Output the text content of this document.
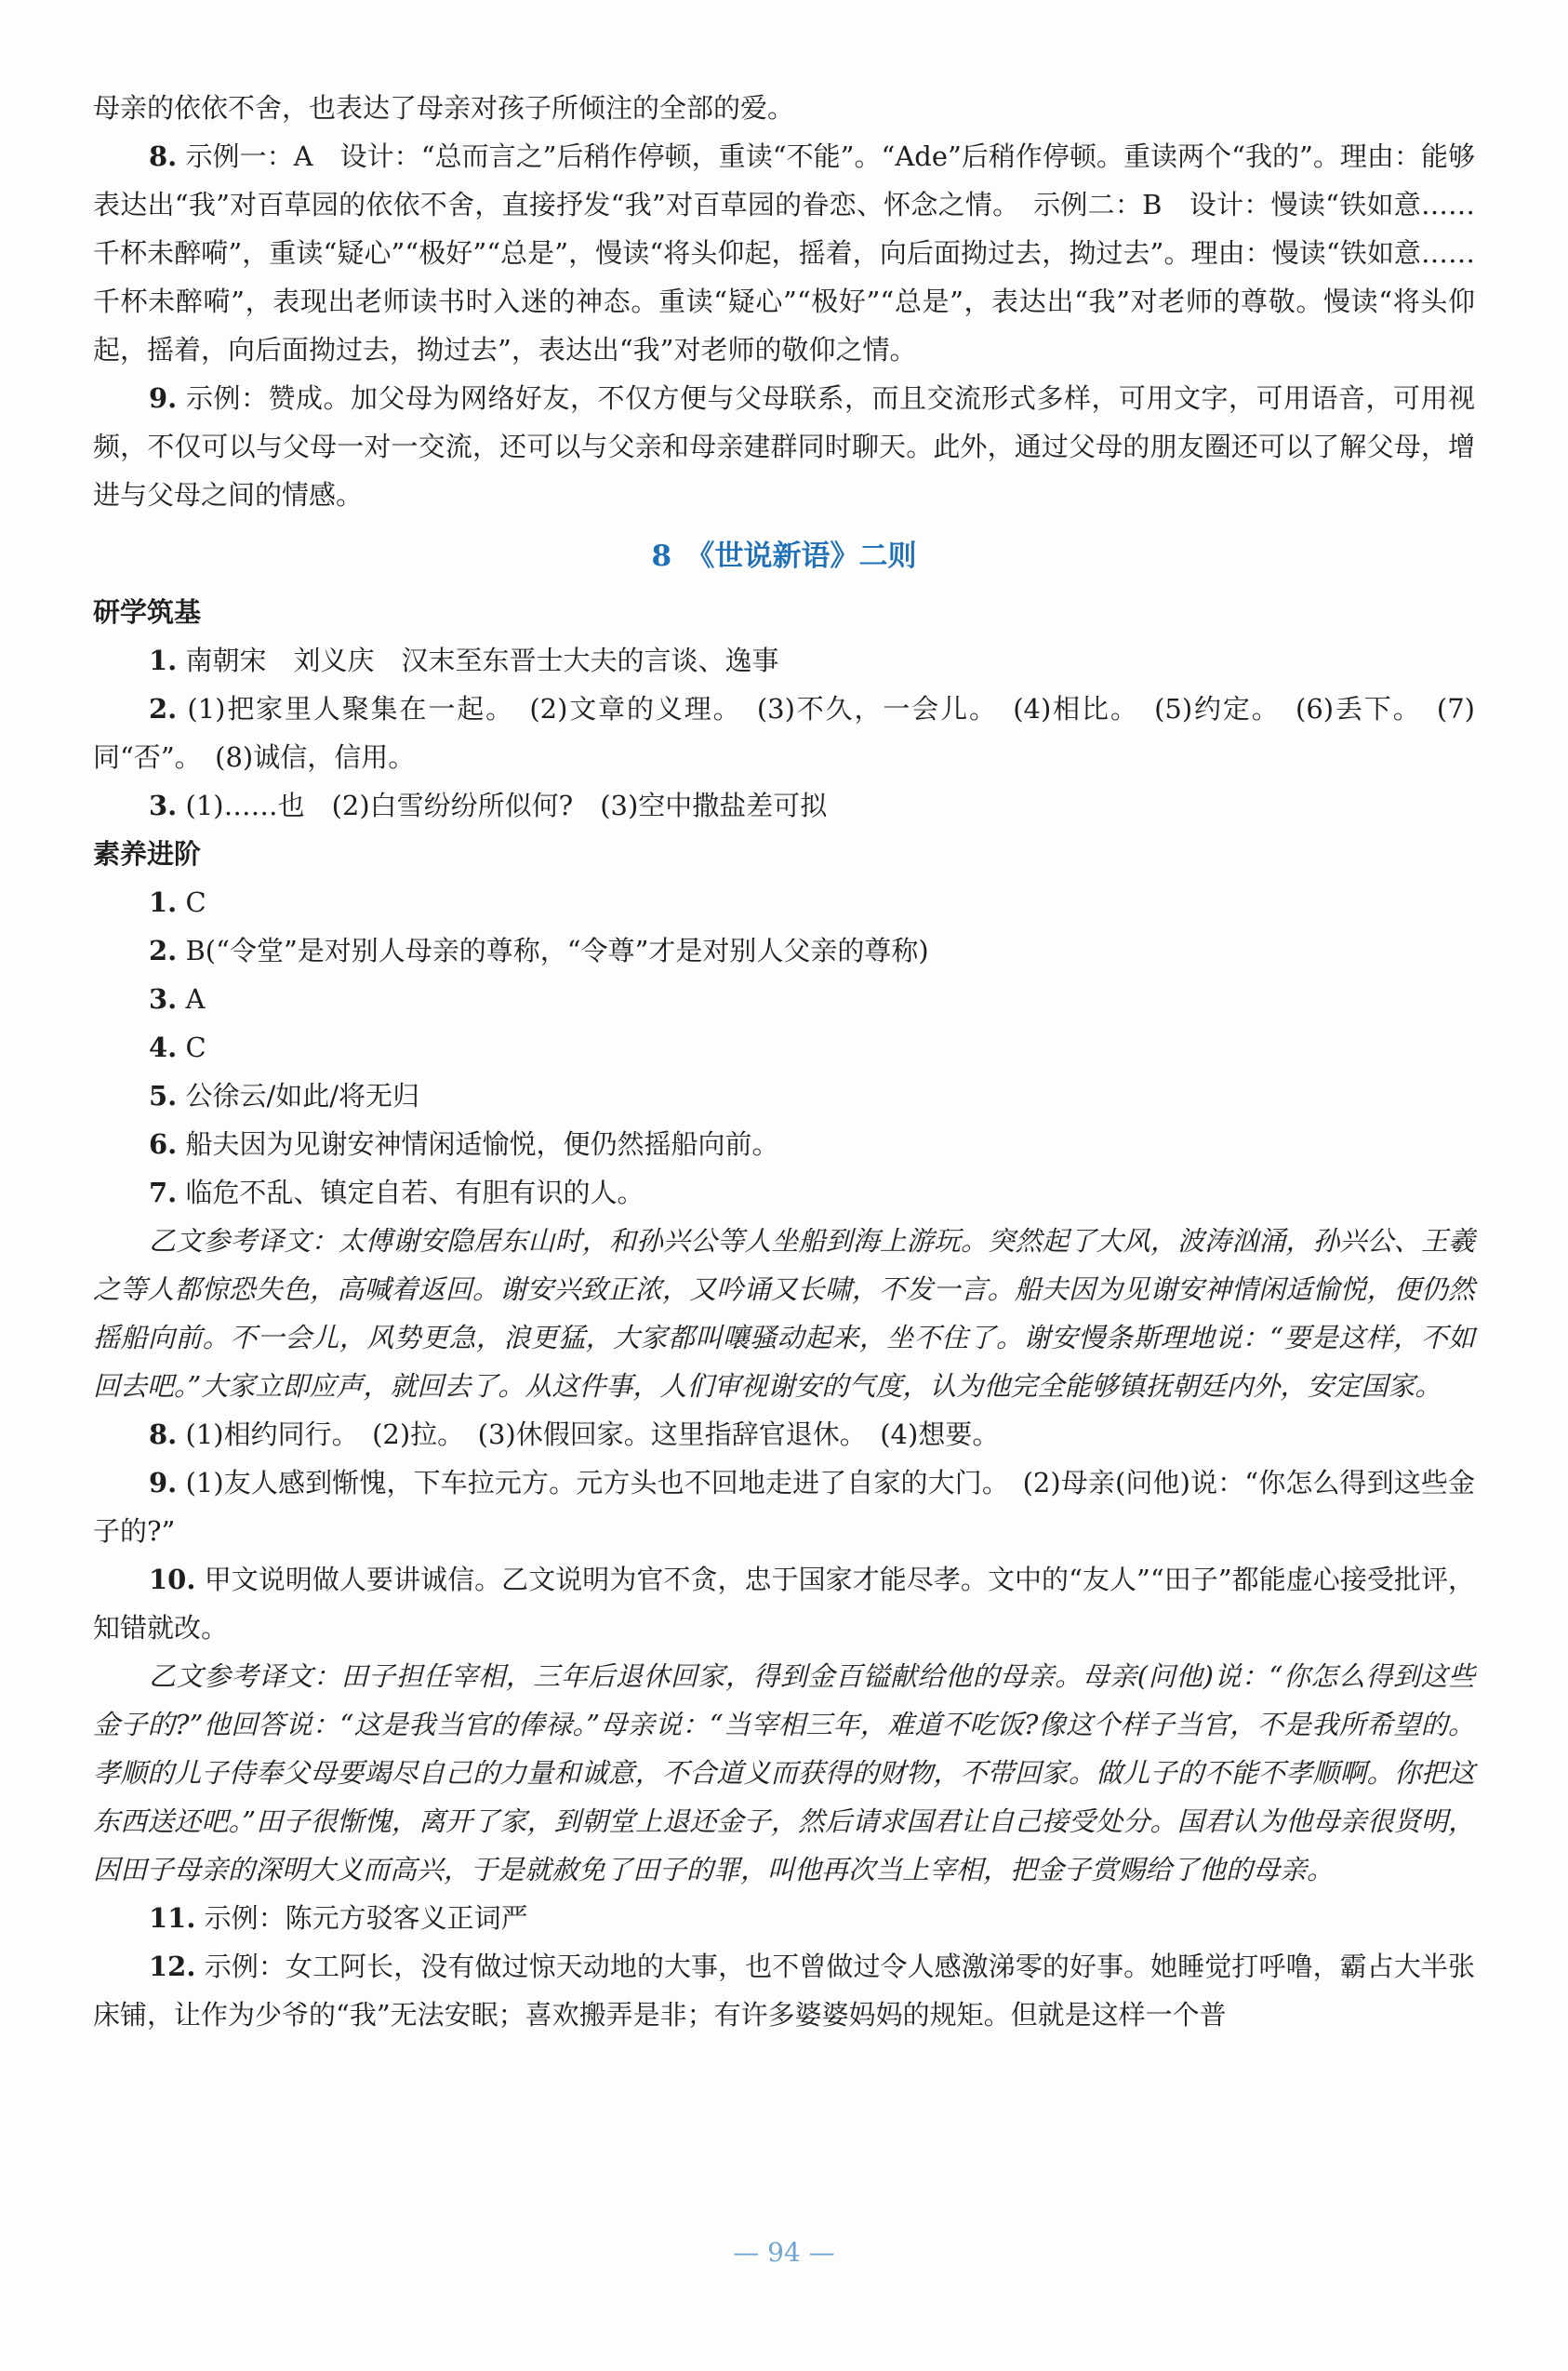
母亲的依依不舍，也表达了母亲对孩子所倾注的全部的爱。

8. 示例一：A　设计：“总而言之”后稍作停顿，重读“不能”。“Ade”后稍作停顿。重读两个“我的”。理由：能够表达出“我”对百草园的依依不舍，直接抒发“我”对百草园的眷恋、怀念之情。　示例二：B　设计：慢读“铁如意……千杯未醉嗬”，重读“疑心”“极好”“总是”，慢读“将头仰起，摇着，向后面拗过去，拗过去”。理由：慢读“铁如意……千杯未醉嗬”，表现出老师读书时入迷的神态。重读“疑心”“极好”“总是”，表达出“我”对老师的尊敬。慢读“将头仰起，摇着，向后面拗过去，拗过去”，表达出“我”对老师的敬仰之情。

9. 示例：赞成。加父母为网络好友，不仅方便与父母联系，而且交流形式多样，可用文字，可用语音，可用视频，不仅可以与父母一对一交流，还可以与父亲和母亲建群同时聊天。此外，通过父母的朋友圈还可以了解父母，增进与父母之间的情感。

8　《世说新语》二则
研学筑基

1. 南朝宋　刘义庆　汉末至东晋士大夫的言谈、逸事

2. (1)把家里人聚集在一起。　(2)文章的义理。　(3)不久，一会儿。　(4)相比。　(5)约定。　(6)丢下。　(7)同“否”。　(8)诚信，信用。

3. (1)……也　(2)白雪纷纷所似何?　(3)空中撒盐差可拟

素养进阶

1. C

2. B(“令堂”是对别人母亲的尊称，“令尊”才是对别人父亲的尊称)

3. A

4. C

5. 公徐云/如此/将无归

6. 船夫因为见谢安神情闲适愉悦，便仍然摇船向前。

7. 临危不乱、镇定自若、有胆有识的人。

乙文参考译文：太傅谢安隐居东山时，和孙兴公等人坐船到海上游玩。突然起了大风，波涛汹涌，孙兴公、王羲之等人都惊恐失色，高喊着返回。谢安兴致正浓，又吟诵又长啸，不发一言。船夫因为见谢安神情闲适愉悦，便仍然摇船向前。不一会儿，风势更急，浪更猛，大家都叫嚷骚动起来，坐不住了。谢安慢条斯理地说：“要是这样，不如回去吧。”大家立即应声，就回去了。从这件事，人们审视谢安的气度，认为他完全能够镇抚朝廷内外，安定国家。

8. (1)相约同行。　(2)拉。　(3)休假回家。这里指辞官退休。　(4)想要。

9. (1)友人感到惭愧，下车拉元方。元方头也不回地走进了自家的大门。　(2)母亲(问他)说：“你怎么得到这些金子的?”

10. 甲文说明做人要讲诚信。乙文说明为官不贪，忠于国家才能尽孝。文中的“友人”“田子”都能虚心接受批评，知错就改。

乙文参考译文：田子担任宰相，三年后退休回家，得到金百镒献给他的母亲。母亲(问他)说：“你怎么得到这些金子的?”他回答说：“这是我当官的俸禄。”母亲说：“当宰相三年，难道不吃饭?像这个样子当官，不是我所希望的。孝顺的儿子侍奉父母要竭尽自己的力量和诚意，不合道义而获得的财物，不带回家。做儿子的不能不孝顺啊。你把这东西送还吧。”田子很惭愧，离开了家，到朝堂上退还金子，然后请求国君让自己接受处分。国君认为他母亲很贤明，因田子母亲的深明大义而高兴，于是就赦免了田子的罪，叫他再次当上宰相，把金子赏赐给了他的母亲。

11. 示例：陈元方驳客义正词严

12. 示例：女工阿长，没有做过惊天动地的大事，也不曾做过令人感激涕零的好事。她睡觉打呼噜，霸占大半张床铺，让作为少爷的“我”无法安眠；喜欢搬弄是非；有许多婆婆妈妈的规矩。但就是这样一个普

— 94 —
